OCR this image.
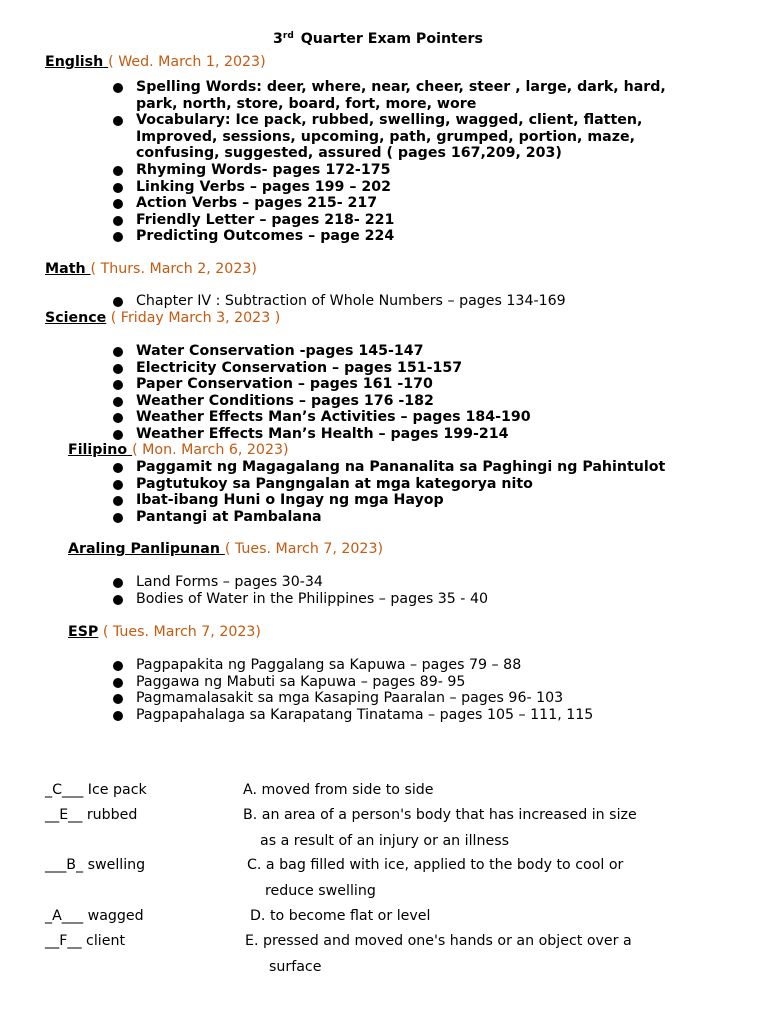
3rd Quarter Exam Pointers
English ( Wed. March 1, 2023)
Spelling Words: deer, where, near, cheer, steer , large, dark, hard,
park, north, store, board, fort, more, wore
Vocabulary: Ice pack, rubbed, swelling, wagged, client, flatten,
Improved, sessions, upcoming, path, grumped, portion, maze,
confusing, suggested, assured ( pages 167,209, 203)
Rhyming Words- pages 172-175
Linking Verbs – pages 199 – 202
Action Verbs – pages 215- 217
Friendly Letter – pages 218- 221
Predicting Outcomes – page 224
Math ( Thurs. March 2, 2023)
Chapter IV : Subtraction of Whole Numbers – pages 134-169
Science ( Friday March 3, 2023 )
Water Conservation -pages 145-147
Electricity Conservation – pages 151-157
Paper Conservation – pages 161 -170
Weather Conditions – pages 176 -182
Weather Effects Man’s Activities – pages 184-190
Weather Effects Man’s Health – pages 199-214
Filipino ( Mon. March 6, 2023)
Paggamit ng Magagalang na Pananalita sa Paghingi ng Pahintulot
Pagtutukoy sa Pangngalan at mga kategorya nito
Ibat-ibang Huni o Ingay ng mga Hayop
Pantangi at Pambalana
Araling Panlipunan ( Tues. March 7, 2023)
Land Forms – pages 30-34
Bodies of Water in the Philippines – pages 35 - 40
ESP ( Tues. March 7, 2023)
Pagpapakita ng Paggalang sa Kapuwa – pages 79 – 88
Paggawa ng Mabuti sa Kapuwa – pages 89- 95
Pagmamalasakit sa mga Kasaping Paaralan – pages 96- 103
Pagpapahalaga sa Karapatang Tinatama – pages 105 – 111, 115
_C___ Ice pack	A. moved from side to side
__E__ rubbed	B. an area of a person's body that has increased in size
as a result of an injury or an illness
___B_ swelling	C. a bag filled with ice, applied to the body to cool or
reduce swelling
_A___ wagged	D. to become flat or level
__F__ client	E. pressed and moved one's hands or an object over a
surface
